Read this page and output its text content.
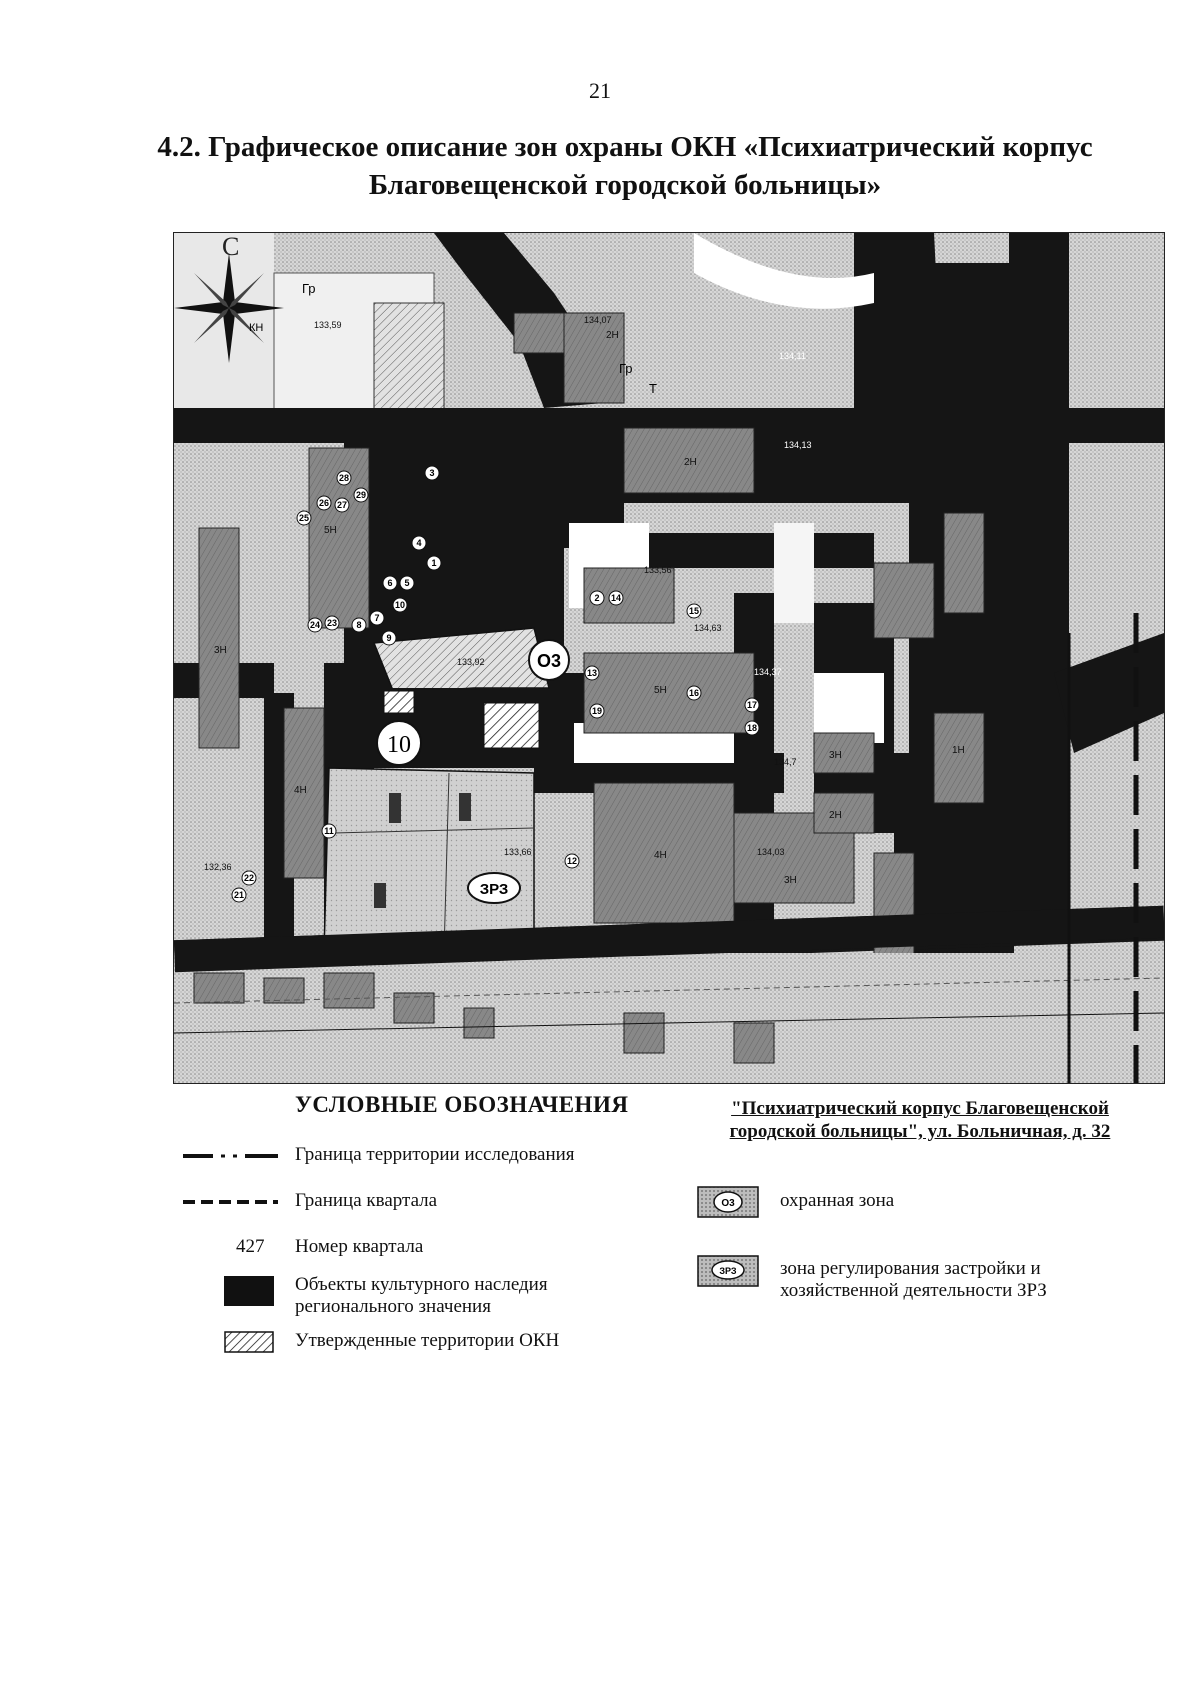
21
4.2. Графическое описание зон охраны ОКН «Психиатрический корпус Благовещенской городской больницы»
С
О3
10
ЗРЗ
Гр
Гр
КН
Т
134,07
133,59
134,11
134,13
133,56
134,63
134,37
134,7
133,92
133,66	134,03
132,36
1
2
3
4
5
6
7
8
9
10
11
12
13
14
15
16
17
18
19
21
22
23
24
25
26 27
28
29
2Н
2Н
5Н
4Н
3Н
2Н
3Н
3Н
4Н
1Н
5Н
УСЛОВНЫЕ ОБОЗНАЧЕНИЯ	"Психиатрический корпус Благовещенской городской больницы", ул. Больничная, д. 32
Граница территории исследования
Граница квартала
427 Номер квартала
Объекты культурного наследия регионального значения
Утвержденные территории ОКН
О3 охранная зона
ЗРЗ зона регулирования застройки и хозяйственной деятельности ЗРЗ
